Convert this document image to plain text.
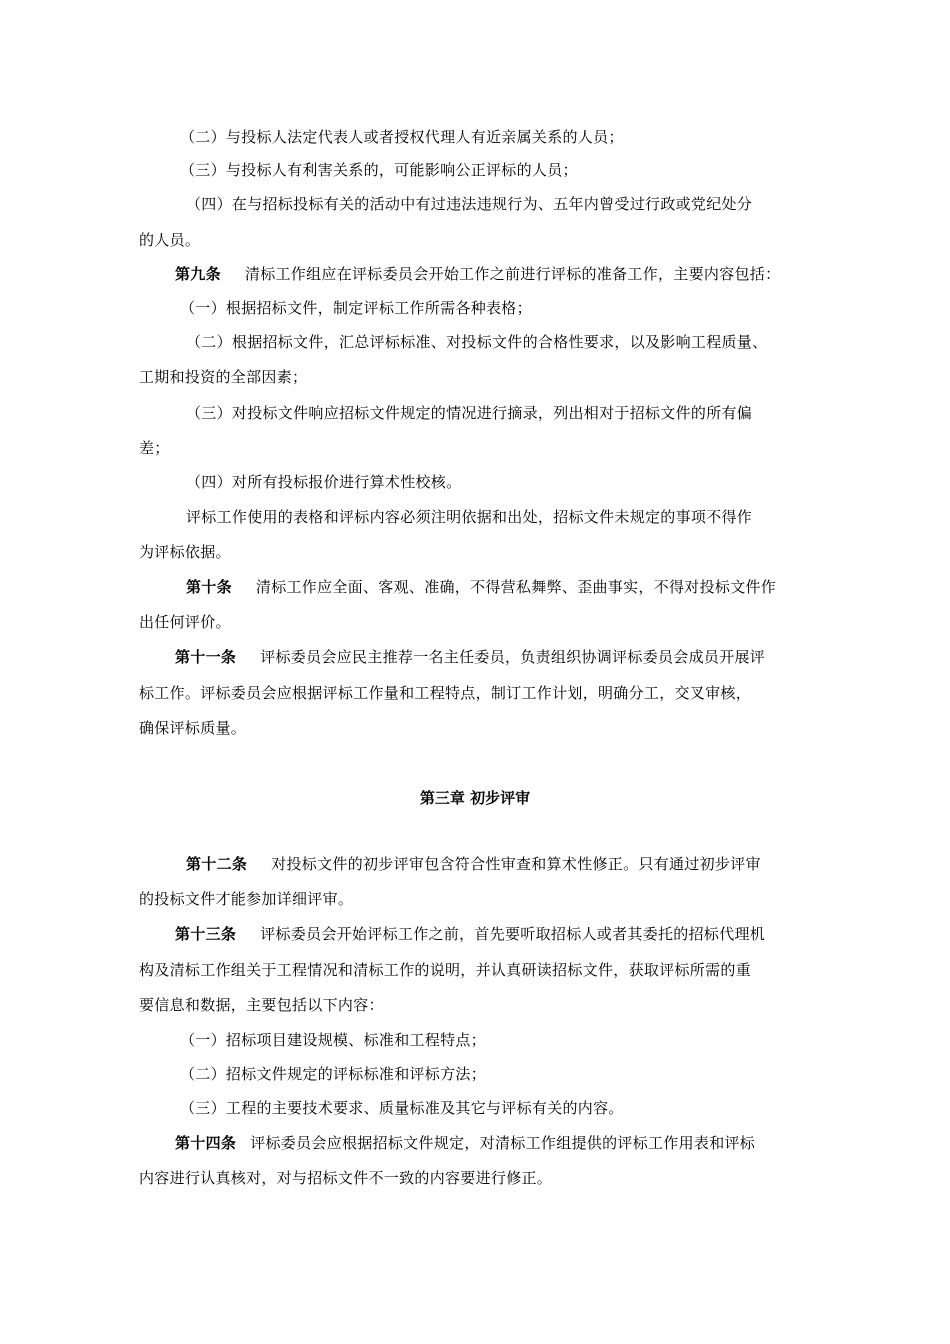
（二）与投标人法定代表人或者授权代理人有近亲属关系的人员；
（三）与投标人有利害关系的，可能影响公正评标的人员；
（四）在与招标投标有关的活动中有过违法违规行为、五年内曾受过行政或党纪处分
的人员。
第九条 清标工作组应在评标委员会开始工作之前进行评标的准备工作，主要内容包括：
（一）根据招标文件，制定评标工作所需各种表格；
（二）根据招标文件，汇总评标标准、对投标文件的合格性要求，以及影响工程质量、
工期和投资的全部因素；
（三）对投标文件响应招标文件规定的情况进行摘录，列出相对于招标文件的所有偏
差；
（四）对所有投标报价进行算术性校核。
评标工作使用的表格和评标内容必须注明依据和出处，招标文件未规定的事项不得作
为评标依据。
第十条 清标工作应全面、客观、准确，不得营私舞弊、歪曲事实，不得对投标文件作
出任何评价。
第十一条 评标委员会应民主推荐一名主任委员，负责组织协调评标委员会成员开展评
标工作。评标委员会应根据评标工作量和工程特点，制订工作计划，明确分工，交叉审核，
确保评标质量。
第三章 初步评审
第十二条 对投标文件的初步评审包含符合性审查和算术性修正。只有通过初步评审
的投标文件才能参加详细评审。
第十三条 评标委员会开始评标工作之前，首先要听取招标人或者其委托的招标代理机
构及清标工作组关于工程情况和清标工作的说明，并认真研读招标文件，获取评标所需的重
要信息和数据，主要包括以下内容：
（一）招标项目建设规模、标准和工程特点；
（二）招标文件规定的评标标准和评标方法；
（三）工程的主要技术要求、质量标准及其它与评标有关的内容。
第十四条 评标委员会应根据招标文件规定，对清标工作组提供的评标工作用表和评标
内容进行认真核对，对与招标文件不一致的内容要进行修正。
